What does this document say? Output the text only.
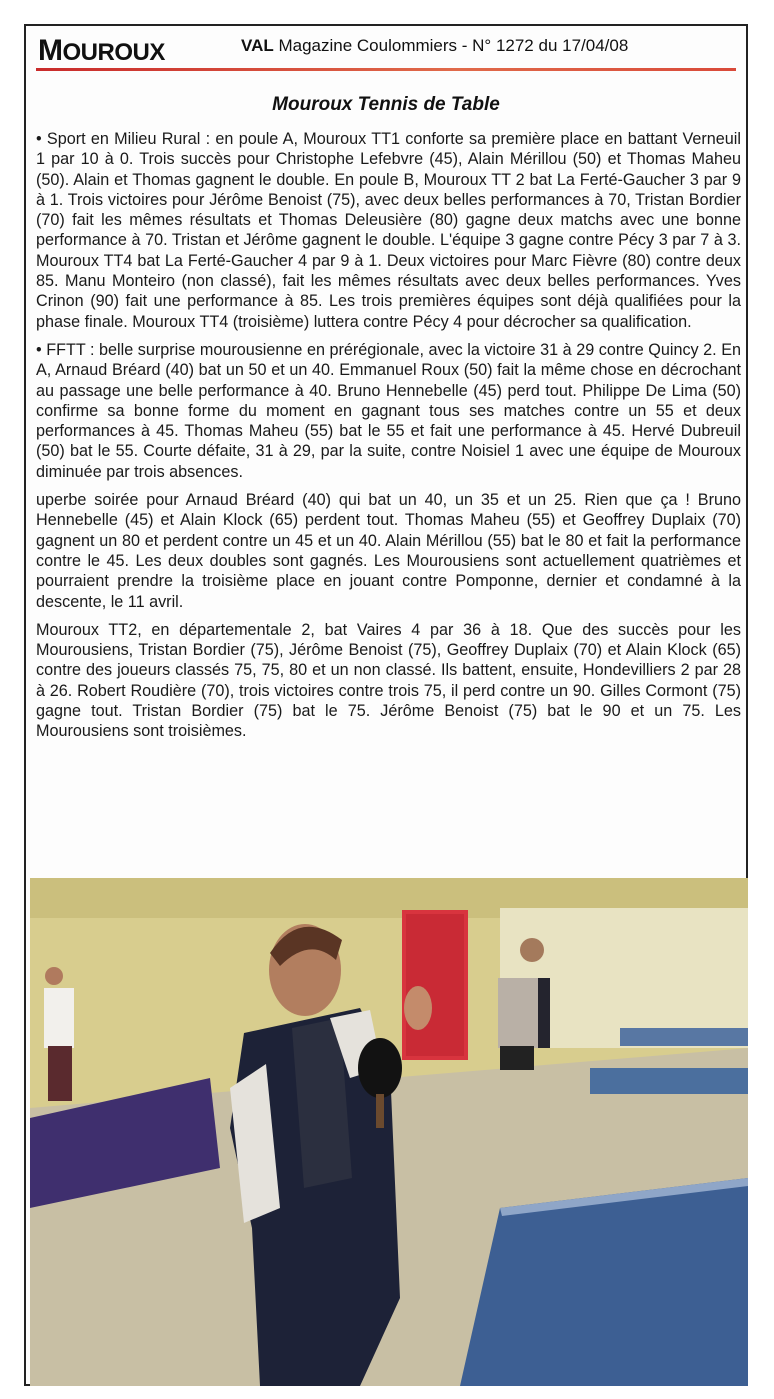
MOUROUX	VAL Magazine Coulommiers - N° 1272 du 17/04/08
Mouroux Tennis de Table

• Sport en Milieu Rural : en poule A, Mouroux TT1 conforte sa première place en battant Verneuil 1 par 10 à 0. Trois succès pour Christophe Lefebvre (45), Alain Mérillou (50) et Thomas Maheu (50). Alain et Thomas gagnent le double. En poule B, Mouroux TT 2 bat La Ferté-Gaucher 3 par 9 à 1. Trois victoires pour Jérôme Benoist (75), avec deux belles performances à 70, Tristan Bordier (70) fait les mêmes résultats et Thomas Deleusière (80) gagne deux matchs avec une bonne performance à 70. Tristan et Jérôme gagnent le double. L'équipe 3 gagne contre Pécy 3 par 7 à 3. Mouroux TT4 bat La Ferté-Gaucher 4 par 9 à 1. Deux victoires pour Marc Fièvre (80) contre deux 85. Manu Monteiro (non classé), fait les mêmes résultats avec deux belles performances. Yves Crinon (90) fait une performance à 85. Les trois premières équipes sont déjà qualifiées pour la phase finale. Mouroux TT4 (troisième) luttera contre Pécy 4 pour décrocher sa qualification.

• FFTT : belle surprise mourousienne en prérégionale, avec la victoire 31 à 29 contre Quincy 2. En A, Arnaud Bréard (40) bat un 50 et un 40. Emmanuel Roux (50) fait la même chose en décrochant au passage une belle performance à 40. Bruno Hennebelle (45) perd tout. Philippe De Lima (50) confirme sa bonne forme du moment en gagnant tous ses matches contre un 55 et deux performances à 45. Thomas Maheu (55) bat le 55 et fait une performance à 45. Hervé Dubreuil (50) bat le 55. Courte défaite, 31 à 29, par la suite, contre Noisiel 1 avec une équipe de Mouroux diminuée par trois absences.

uperbe soirée pour Arnaud Bréard (40) qui bat un 40, un 35 et un 25. Rien que ça ! Bruno Hennebelle (45) et Alain Klock (65) perdent tout. Thomas Maheu (55) et Geoffrey Duplaix (70) gagnent un 80 et perdent contre un 45 et un 40. Alain Mérillou (55) bat le 80 et fait la performance contre le 45. Les deux doubles sont gagnés. Les Mourousiens sont actuellement quatrièmes et pourraient prendre la troisième place en jouant contre Pomponne, dernier et condamné à la descente, le 11 avril.

Mouroux TT2, en départementale 2, bat Vaires 4 par 36 à 18. Que des succès pour les Mourousiens, Tristan Bordier (75), Jérôme Benoist (75), Geoffrey Duplaix (70) et Alain Klock (65) contre des joueurs classés 75, 75, 80 et un non classé. Ils battent, ensuite, Hondevilliers 2 par 28 à 26. Robert Roudière (70), trois victoires contre trois 75, il perd contre un 90. Gilles Cormont (75) gagne tout. Tristan Bordier (75) bat le 75. Jérôme Benoist (75) bat le 90 et un 75. Les Mourousiens sont troisièmes.
